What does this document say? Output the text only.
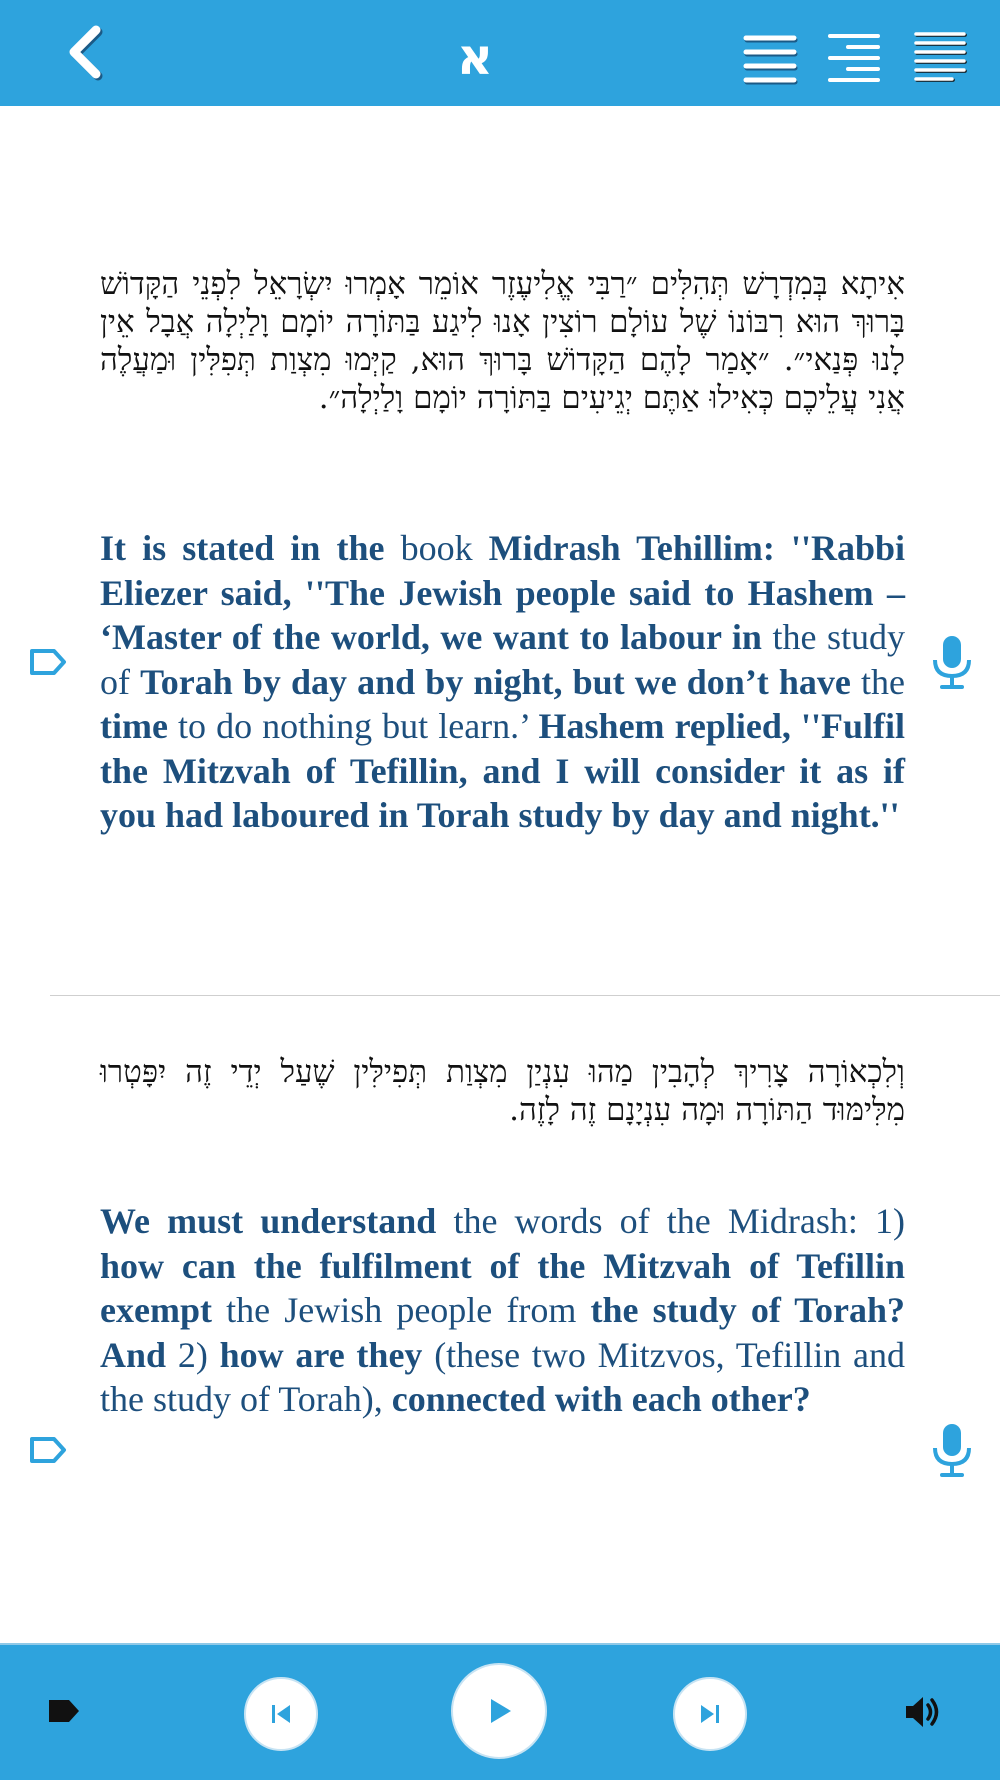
א
אִיתָא בְּמִדְרָשׁ תְּהִלִּים ״רַבִּי אֱלִיעֶזֶר אוֹמֵר אָמְרוּ יִשְׂרָאֵל לִפְנֵי הַקָּדוֹשׁ בָּרוּךְ הוּא רִבּוֹנוֹ שֶׁל עוֹלָם רוֹצִין אָנוּ לִיגַע בַּתּוֹרָה יוֹמָם וָלַיְלָה אֲבָל אֵין לָנוּ פְּנַאי״. ״אָמַר לָהֶם הַקָּדוֹשׁ בָּרוּךְ הוּא, קַיְּמוּ מִצְוַת תְּפִלִּין וּמַעֲלֶה אֲנִי עֲלֵיכֶם כְּאִילוּ אַתֶּם יְגֵיעִים בַּתּוֹרָה יוֹמָם וָלַיְלָה״.
It is stated in the book Midrash Tehillim: ''Rabbi Eliezer said, ''The Jewish people said to Hashem – ‘Master of the world, we want to labour in the study of Torah by day and by night, but we don’t have the time to do nothing but learn.’ Hashem replied, ''Fulfil the Mitzvah of Tefillin, and I will consider it as if you had laboured in Torah study by day and night.''
וְלִכְאוֹרָה צָרִיךְ לְהָבִין מַהוּ עִנְיַן מִצְוַת תְּפִילִּין שֶׁעַל יְדֵי זֶה יִפָּטְרוּ מִלִּימּוּד הַתּוֹרָה וּמָה עִנְיָנָם זֶה לָזֶה.
We must understand the words of the Midrash: 1) how can the fulfilment of the Mitzvah of Tefillin exempt the Jewish people from the study of Torah? And 2) how are they (these two Mitzvos, Tefillin and the study of Torah), connected with each other?
